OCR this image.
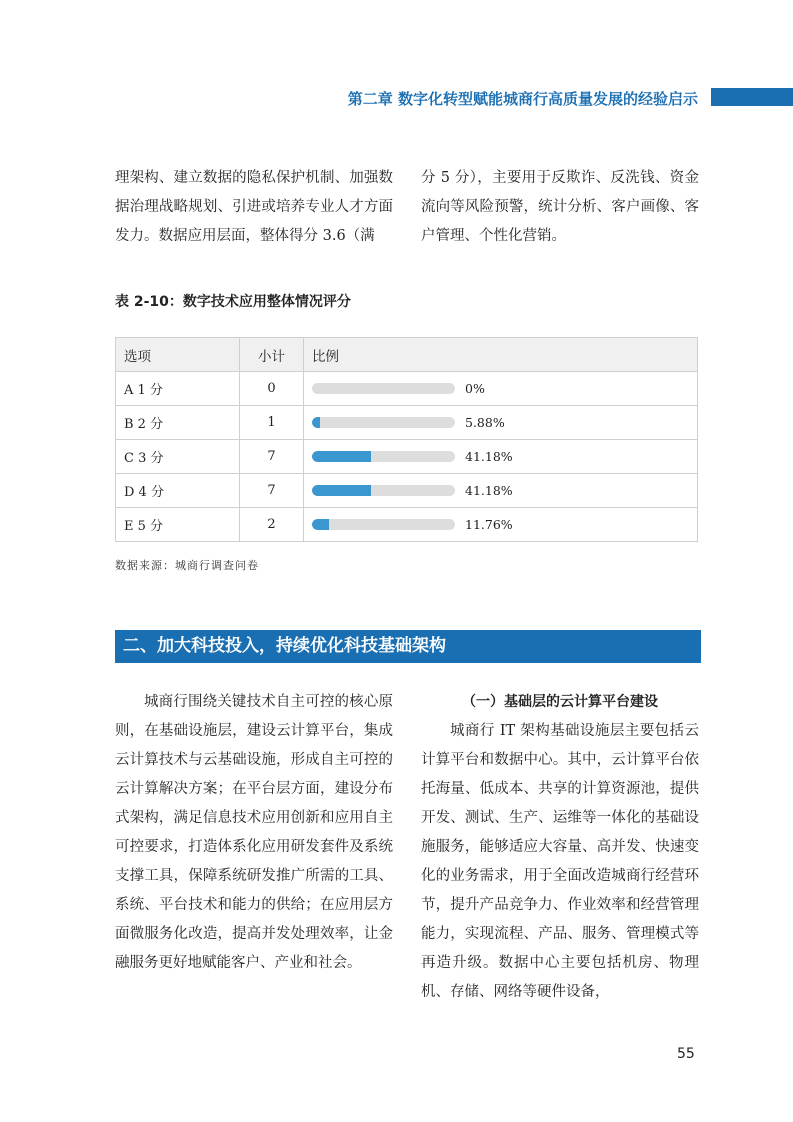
第二章 数字化转型赋能城商行高质量发展的经验启示

理架构、建立数据的隐私保护机制、加强数据治理战略规划、引进或培养专业人才方面发力。数据应用层面，整体得分 3.6（满

分 5 分），主要用于反欺诈、反洗钱、资金流向等风险预警，统计分析、客户画像、客户管理、个性化营销。

表 2-10：数字技术应用整体情况评分
选项	小计	比例
A 1 分	0	0%

B 2 分	1	5.88%

C 3 分	7	41.18%

D 4 分	7	41.18%

E 5 分	2	11.76%
数据来源：城商行调查问卷
二、加大科技投入，持续优化科技基础架构

城商行围绕关键技术自主可控的核心原则，在基础设施层，建设云计算平台，集成云计算技术与云基础设施，形成自主可控的云计算解决方案；在平台层方面，建设分布式架构，满足信息技术应用创新和应用自主可控要求，打造体系化应用研发套件及系统支撑工具，保障系统研发推广所需的工具、系统、平台技术和能力的供给；在应用层方面微服务化改造，提高并发处理效率，让金融服务更好地赋能客户、产业和社会。

（一）基础层的云计算平台建设

城商行 IT 架构基础设施层主要包括云计算平台和数据中心。其中，云计算平台依托海量、低成本、共享的计算资源池，提供开发、测试、生产、运维等一体化的基础设施服务，能够适应大容量、高并发、快速变化的业务需求，用于全面改造城商行经营环节，提升产品竞争力、作业效率和经营管理能力，实现流程、产品、服务、管理模式等再造升级。数据中心主要包括机房、物理机、存储、网络等硬件设备，

55
